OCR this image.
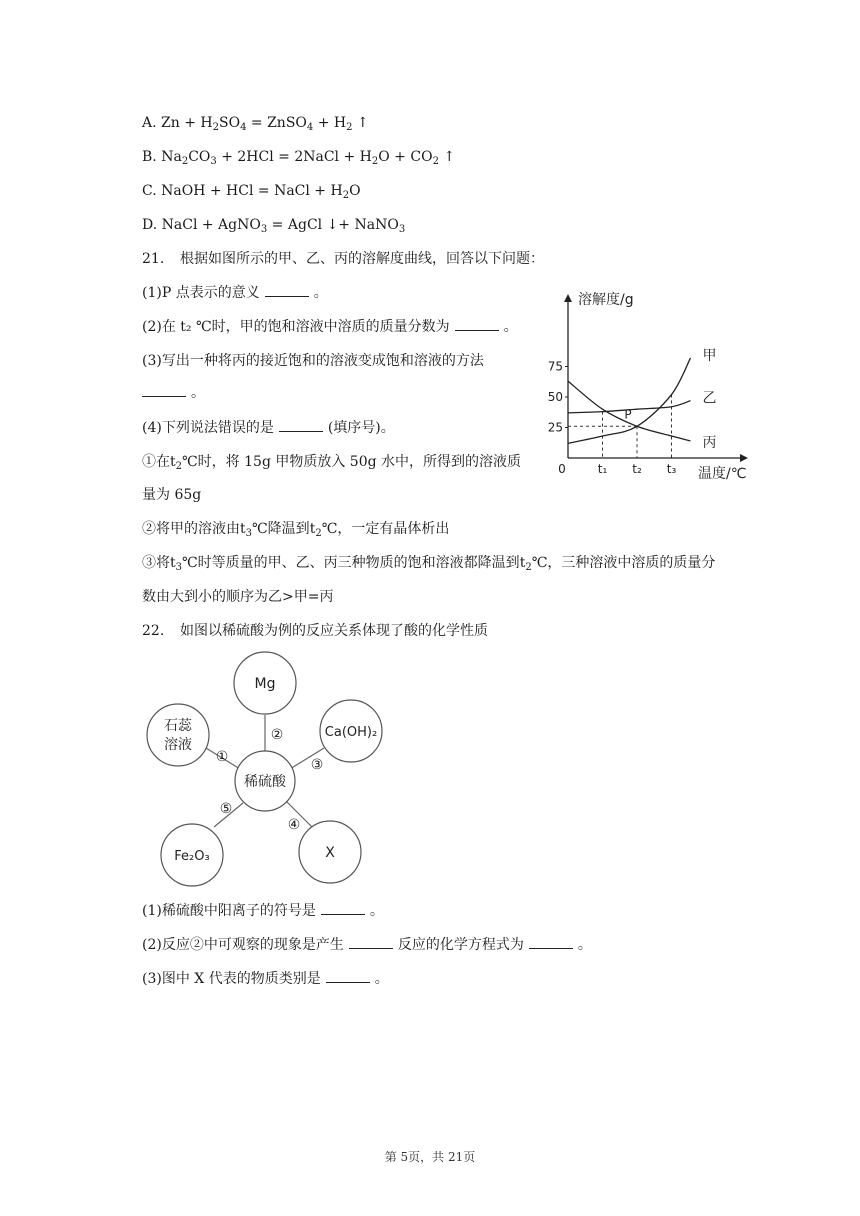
A. $Zn + H_2SO_4$ = ZnSO$_4$ + $H_2$ ↑
B. $Na_2CO_3 + 2HCl$ = 2NaCl + $H_2O + CO_2$ ↑
C. NaOH + HCl = NaCl + $H_2O$
D. NaCl + AgNO$_3$ = AgCl ↓+ NaNO$_3$
21. 根据如图所示的甲、乙、丙的溶解度曲线，回答以下问题：
(1)P 点表示的意义	。
(2)在 t₂ ℃时，甲的饱和溶液中溶质的质量分数为	。
(3)写出一种将丙的接近饱和的溶液变成饱和溶液的方法
。
(4)下列说法错误的是	(填序号)。
①在$t_2℃$时，将 15g 甲物质放入 50g 水中，所得到的溶液质
量为 65g
②将甲的溶液由$t_3℃$降温到$t_2℃$，一定有晶体析出
③将$t_3℃$时等质量的甲、乙、丙三种物质的饱和溶液都降温到$t_2℃$，三种溶液中溶质的质量分
数由大到小的顺序为乙>甲=丙
溶解度/g
温度/℃
0
25
50
75
t₁ t₂ t₃
甲
乙
丙
P
22. 如图以稀硫酸为例的反应关系体现了酸的化学性质
稀硫酸
Mg
石蕊
溶液
Ca(OH)₂
Fe₂O₃	X
①
②
③
④
⑤
(1)稀硫酸中阳离子的符号是	。
(2)反应②中可观察的现象是产生	反应的化学方程式为	。
(3)图中 X 代表的物质类别是	。
第 5页，共 21页
